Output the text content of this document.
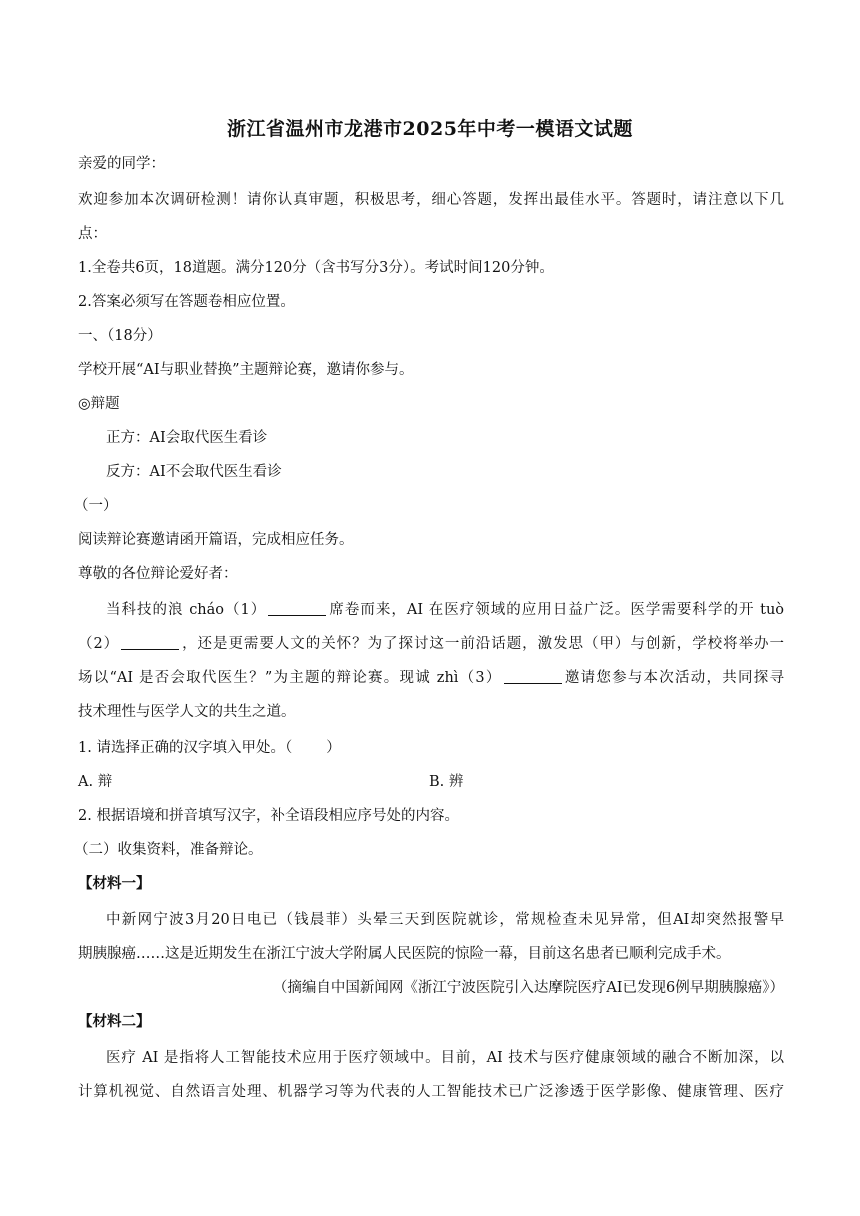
浙江省温州市龙港市2025年中考一模语文试题
亲爱的同学：
欢迎参加本次调研检测！请你认真审题，积极思考，细心答题，发挥出最佳水平。答题时，请注意以下几
点：
1.全卷共6页，18道题。满分120分（含书写分3分）。考试时间120分钟。
2.答案必须写在答题卷相应位置。
一、（18分）
学校开展“AI与职业替换”主题辩论赛，邀请你参与。
◎辩题
正方：AI会取代医生看诊
反方：AI不会取代医生看诊
（一）
阅读辩论赛邀请函开篇语，完成相应任务。
尊敬的各位辩论爱好者：
当科技的浪 cháo（1）	席卷而来，AI 在医疗领域的应用日益广泛。医学需要科学的开 tuò
（2）	，还是更需要人文的关怀？为了探讨这一前沿话题，激发思（甲）与创新，学校将举办一
场以“AI 是否会取代医生？”为主题的辩论赛。现诚 zhì（3）	邀请您参与本次活动，共同探寻
技术理性与医学人文的共生之道。
1. 请选择正确的汉字填入甲处。（ ）
A. 辩	B. 辨
2. 根据语境和拼音填写汉字，补全语段相应序号处的内容。
（二）收集资料，准备辩论。
【材料一】
中新网宁波3月20日电已（钱晨菲）头晕三天到医院就诊，常规检查未见异常，但AI却突然报警早
期胰腺癌……这是近期发生在浙江宁波大学附属人民医院的惊险一幕，目前这名患者已顺利完成手术。
（摘编自中国新闻网《浙江宁波医院引入达摩院医疗AI已发现6例早期胰腺癌》）
【材料二】
医疗 AI 是指将人工智能技术应用于医疗领域中。目前，AI 技术与医疗健康领域的融合不断加深，以
计算机视觉、自然语言处理、机器学习等为代表的人工智能技术已广泛渗透于医学影像、健康管理、医疗
